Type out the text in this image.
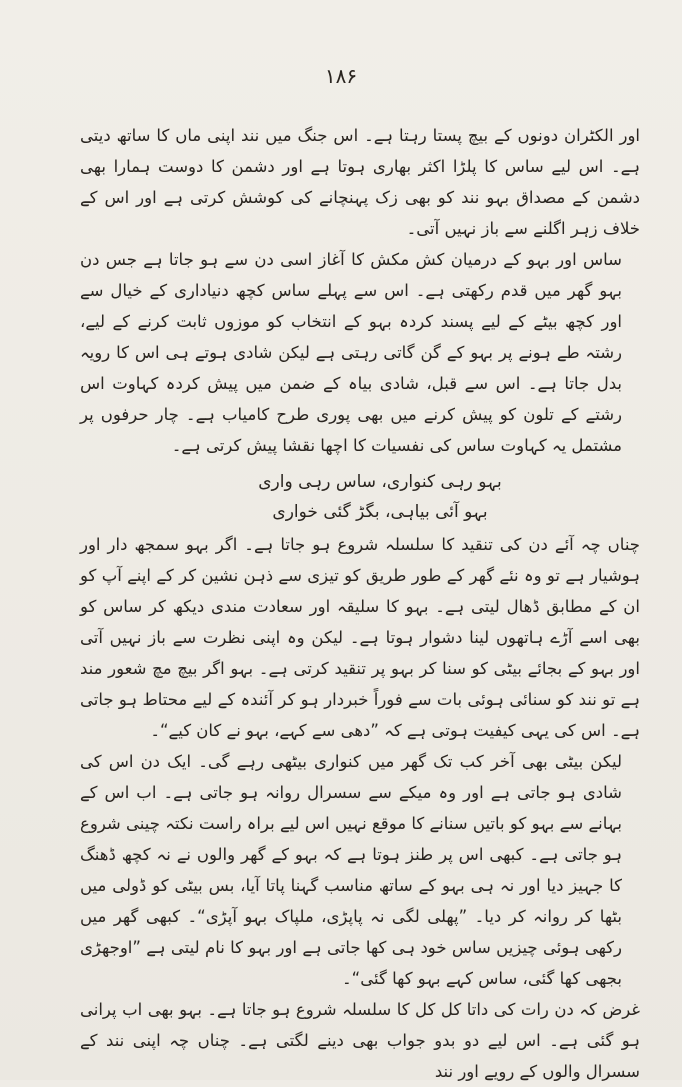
۱۸۶

اور الکٹران دونوں کے بیچ پستا رہتا ہے۔ اس جنگ میں نند اپنی ماں کا ساتھ دیتی ہے۔ اس لیے ساس کا پلڑا اکثر بھاری ہوتا ہے اور دشمن کا دوست ہمارا بھی دشمن کے مصداق بہو نند کو بھی زک پہنچانے کی کوشش کرتی ہے اور اس کے خلاف زہر اگلنے سے باز نہیں آتی۔

ساس اور بہو کے درمیان کش مکش کا آغاز اسی دن سے ہو جاتا ہے جس دن بہو گھر میں قدم رکھتی ہے۔ اس سے پہلے ساس کچھ دنیاداری کے خیال سے اور کچھ بیٹے کے لیے پسند کردہ بہو کے انتخاب کو موزوں ثابت کرنے کے لیے، رشتہ طے ہونے پر بہو کے گن گاتی رہتی ہے لیکن شادی ہوتے ہی اس کا رویہ بدل جاتا ہے۔ اس سے قبل، شادی بیاہ کے ضمن میں پیش کردہ کہاوت اس رشتے کے تلون کو پیش کرنے میں بھی پوری طرح کامیاب ہے۔ چار حرفوں پر مشتمل یہ کہاوت ساس کی نفسیات کا اچھا نقشا پیش کرتی ہے۔

بہو رہی کنواری، ساس رہی واری
بہو آئی بیاہی، بگڑ گئی خواری

چناں چہ آئے دن کی تنقید کا سلسلہ شروع ہو جاتا ہے۔ اگر بہو سمجھ دار اور ہوشیار ہے تو وہ نئے گھر کے طور طریق کو تیزی سے ذہن نشین کر کے اپنے آپ کو ان کے مطابق ڈھال لیتی ہے۔ بہو کا سلیقہ اور سعادت مندی دیکھ کر ساس کو بھی اسے آڑے ہاتھوں لینا دشوار ہوتا ہے۔ لیکن وہ اپنی نظرت سے باز نہیں آتی اور بہو کے بجائے بیٹی کو سنا کر بہو پر تنقید کرتی ہے۔ بہو اگر بیچ مچ شعور مند ہے تو نند کو سنائی ہوئی بات سے فوراً خبردار ہو کر آئندہ کے لیے محتاط ہو جاتی ہے۔ اس کی یہی کیفیت ہوتی ہے کہ ”دھی سے کہے، بہو نے کان کیے“۔

لیکن بیٹی بھی آخر کب تک گھر میں کنواری بیٹھی رہے گی۔ ایک دن اس کی شادی ہو جاتی ہے اور وہ میکے سے سسرال روانہ ہو جاتی ہے۔ اب اس کے بہانے سے بہو کو باتیں سنانے کا موقع نہیں اس لیے براہ راست نکتہ چینی شروع ہو جاتی ہے۔ کبھی اس پر طنز ہوتا ہے کہ بہو کے گھر والوں نے نہ کچھ ڈھنگ کا جہیز دیا اور نہ ہی بہو کے ساتھ مناسب گہنا پاتا آیا، بس بیٹی کو ڈولی میں بٹھا کر روانہ کر دیا۔ ”پھلی لگی نہ پاپڑی، ملپاک بہو آپڑی“۔ کبھی گھر میں رکھی ہوئی چیزیں ساس خود ہی کھا جاتی ہے اور بہو کا نام لیتی ہے ”اوجھڑی بجھی کھا گئی، ساس کہے بہو کھا گئی“۔

غرض کہ دن رات کی داتا کل کل کا سلسلہ شروع ہو جاتا ہے۔ بہو بھی اب پرانی ہو گئی ہے۔ اس لیے دو بدو جواب بھی دینے لگتی ہے۔ چناں چہ اپنی نند کے سسرال والوں کے رویے اور نند
